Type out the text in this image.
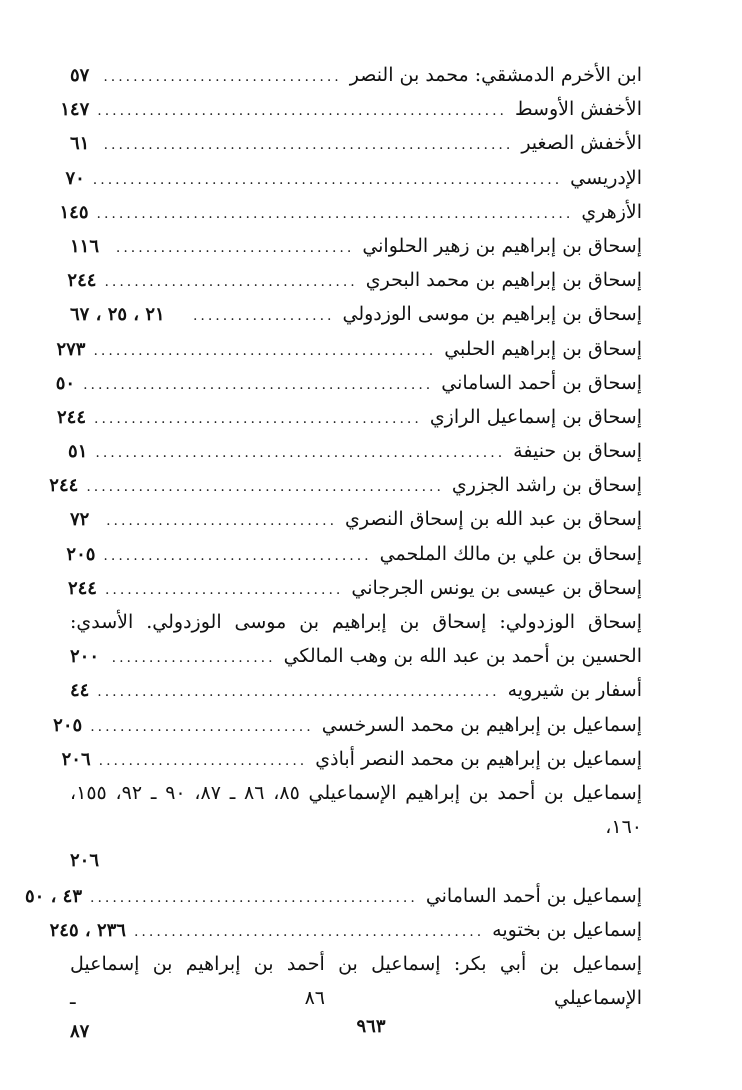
ابن الأخرم الدمشقي: محمد بن النصر
................................
٥٧
الأخفش الأوسط
.......................................................
١٤٧
الأخفش الصغير
.......................................................
٦١
الإدريسي
...............................................................
٧٠
الأزهري
................................................................
١٤٥
إسحاق بن إبراهيم بن زهير الحلواني
................................
١١٦
إسحاق بن إبراهيم بن محمد البحري
..................................
٢٤٤
إسحاق بن إبراهيم بن موسى الوزدولي
...................
٢١ ، ٢٥ ، ٦٧
إسحاق بن إبراهيم الحلبي
..............................................
٢٧٣
إسحاق بن أحمد الساماني
...............................................
٥٠
إسحاق بن إسماعيل الرازي
............................................
٢٤٤
إسحاق بن حنيفة
.......................................................
٥١
إسحاق بن راشد الجزري
................................................
٢٤٤
إسحاق بن عبد الله بن إسحاق النصري
...............................
٧٢
إسحاق بن علي بن مالك الملحمي
....................................
٢٠٥
إسحاق بن عيسى بن يونس الجرجاني
................................
٢٤٤
إسحاق الوزدولي: إسحاق بن إبراهيم بن موسى الوزدولي. الأسدي:
الحسين بن أحمد بن عبد الله بن وهب المالكي
......................
٢٠٠
أسفار بن شيرويه
......................................................
٤٤
إسماعيل بن إبراهيم بن محمد السرخسي
..............................
٢٠٥
إسماعيل بن إبراهيم بن محمد النصر أباذي
............................
٢٠٦
إسماعيل بن أحمد بن إبراهيم الإسماعيلي ٨٥، ٨٦ ـ ٨٧، ٩٠ ـ ٩٢، ١٥٥، ١٦٠،
٢٠٦
إسماعيل بن أحمد الساماني
............................................
٤٣ ، ٥٠
إسماعيل بن بختويه
...............................................
٢٣٦ ، ٢٤٥
إسماعيل بن أبي بكر: إسماعيل بن أحمد بن إبراهيم بن إسماعيل الإسماعيلي ٨٦ ـ
٨٧	٩٦٣
